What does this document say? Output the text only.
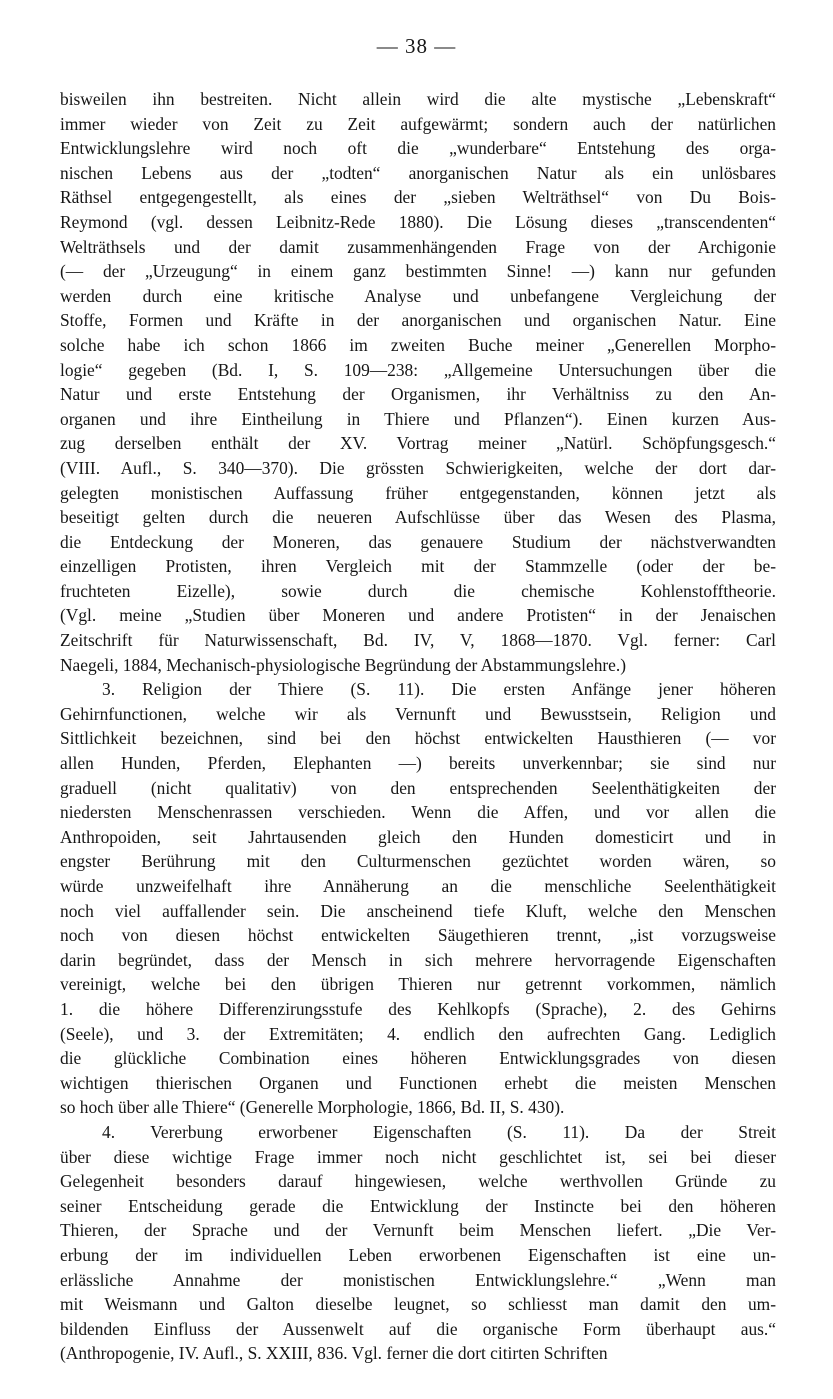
— 38 —
bisweilen ihn bestreiten. Nicht allein wird die alte mystische „Lebenskraft“
immer wieder von Zeit zu Zeit aufgewärmt; sondern auch der natürlichen
Entwicklungslehre wird noch oft die „wunderbare“ Entstehung des orga-
nischen Lebens aus der „todten“ anorganischen Natur als ein unlösbares
Räthsel entgegengestellt, als eines der „sieben Welträthsel“ von Du Bois-
Reymond (vgl. dessen Leibnitz-Rede 1880). Die Lösung dieses „transcendenten“
Welträthsels und der damit zusammenhängenden Frage von der Archigonie
(— der „Urzeugung“ in einem ganz bestimmten Sinne! —) kann nur gefunden
werden durch eine kritische Analyse und unbefangene Vergleichung der
Stoffe, Formen und Kräfte in der anorganischen und organischen Natur. Eine
solche habe ich schon 1866 im zweiten Buche meiner „Generellen Morpho-
logie“ gegeben (Bd. I, S. 109—238: „Allgemeine Untersuchungen über die
Natur und erste Entstehung der Organismen, ihr Verhältniss zu den An-
organen und ihre Eintheilung in Thiere und Pflanzen“). Einen kurzen Aus-
zug derselben enthält der XV. Vortrag meiner „Natürl. Schöpfungsgesch.“
(VIII. Aufl., S. 340—370). Die grössten Schwierigkeiten, welche der dort dar-
gelegten monistischen Auffassung früher entgegenstanden, können jetzt als
beseitigt gelten durch die neueren Aufschlüsse über das Wesen des Plasma,
die Entdeckung der Moneren, das genauere Studium der nächstverwandten
einzelligen Protisten, ihren Vergleich mit der Stammzelle (oder der be-
fruchteten Eizelle), sowie durch die chemische Kohlenstofftheorie.
(Vgl. meine „Studien über Moneren und andere Protisten“ in der Jenaischen
Zeitschrift für Naturwissenschaft, Bd. IV, V, 1868—1870. Vgl. ferner: Carl
Naegeli, 1884, Mechanisch-physiologische Begründung der Abstammungslehre.)
3. Religion der Thiere (S. 11). Die ersten Anfänge jener höheren
Gehirnfunctionen, welche wir als Vernunft und Bewusstsein, Religion und
Sittlichkeit bezeichnen, sind bei den höchst entwickelten Hausthieren (— vor
allen Hunden, Pferden, Elephanten —) bereits unverkennbar; sie sind nur
graduell (nicht qualitativ) von den entsprechenden Seelenthätigkeiten der
niedersten Menschenrassen verschieden. Wenn die Affen, und vor allen die
Anthropoiden, seit Jahrtausenden gleich den Hunden domesticirt und in
engster Berührung mit den Culturmenschen gezüchtet worden wären, so
würde unzweifelhaft ihre Annäherung an die menschliche Seelenthätigkeit
noch viel auffallender sein. Die anscheinend tiefe Kluft, welche den Menschen
noch von diesen höchst entwickelten Säugethieren trennt, „ist vorzugsweise
darin begründet, dass der Mensch in sich mehrere hervorragende Eigenschaften
vereinigt, welche bei den übrigen Thieren nur getrennt vorkommen, nämlich
1. die höhere Differenzirungsstufe des Kehlkopfs (Sprache), 2. des Gehirns
(Seele), und 3. der Extremitäten; 4. endlich den aufrechten Gang. Lediglich
die glückliche Combination eines höheren Entwicklungsgrades von diesen
wichtigen thierischen Organen und Functionen erhebt die meisten Menschen
so hoch über alle Thiere“ (Generelle Morphologie, 1866, Bd. II, S. 430).
4. Vererbung erworbener Eigenschaften (S. 11). Da der Streit
über diese wichtige Frage immer noch nicht geschlichtet ist, sei bei dieser
Gelegenheit besonders darauf hingewiesen, welche werthvollen Gründe zu
seiner Entscheidung gerade die Entwicklung der Instincte bei den höheren
Thieren, der Sprache und der Vernunft beim Menschen liefert. „Die Ver-
erbung der im individuellen Leben erworbenen Eigenschaften ist eine un-
erlässliche Annahme der monistischen Entwicklungslehre.“ „Wenn man
mit Weismann und Galton dieselbe leugnet, so schliesst man damit den um-
bildenden Einfluss der Aussenwelt auf die organische Form überhaupt aus.“
(Anthropogenie, IV. Aufl., S. XXIII, 836. Vgl. ferner die dort citirten Schriften
